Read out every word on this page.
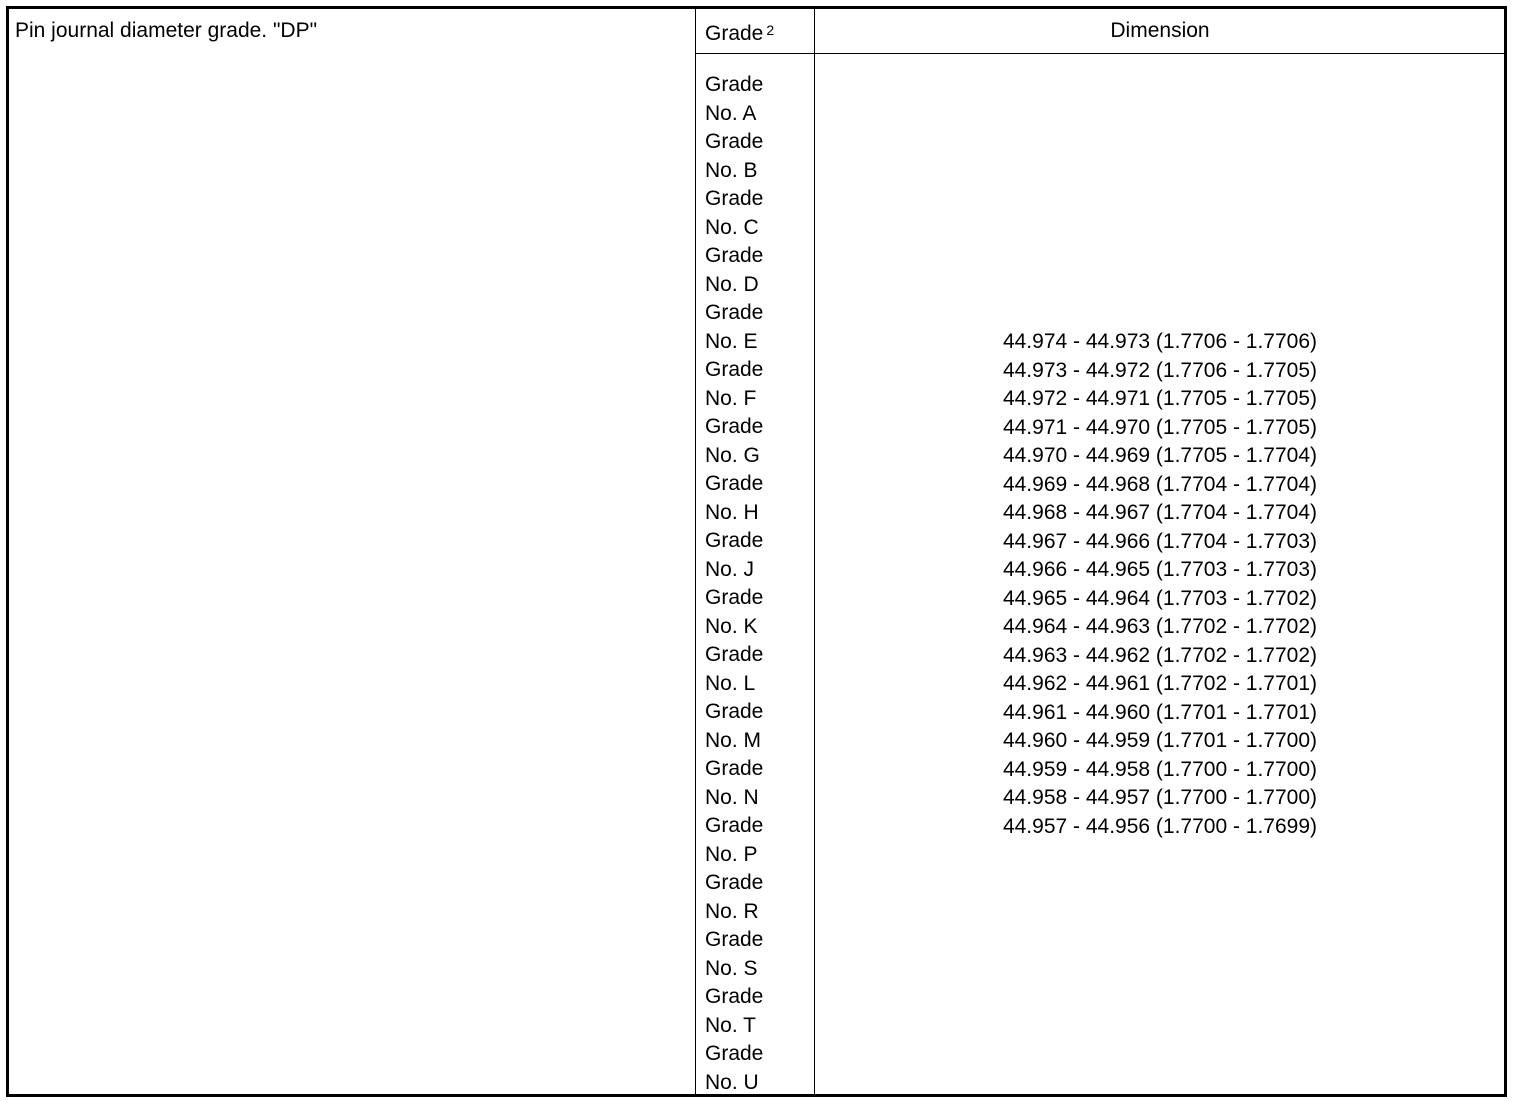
Pin journal diameter grade. "DP"	Grade $^2$	Dimension
Grade
No. A
Grade
No. B
Grade
No. C
Grade
No. D
Grade
No. E
Grade
No. F
Grade
No. G
Grade
No. H
Grade
No. J
Grade
No. K
Grade
No. L
Grade
No. M
Grade
No. N
Grade
No. P
Grade
No. R
Grade
No. S
Grade
No. T
Grade
No. U
44.974 - 44.973 (1.7706 - 1.7706)
44.973 - 44.972 (1.7706 - 1.7705)
44.972 - 44.971 (1.7705 - 1.7705)
44.971 - 44.970 (1.7705 - 1.7705)
44.970 - 44.969 (1.7705 - 1.7704)
44.969 - 44.968 (1.7704 - 1.7704)
44.968 - 44.967 (1.7704 - 1.7704)
44.967 - 44.966 (1.7704 - 1.7703)
44.966 - 44.965 (1.7703 - 1.7703)
44.965 - 44.964 (1.7703 - 1.7702)
44.964 - 44.963 (1.7702 - 1.7702)
44.963 - 44.962 (1.7702 - 1.7702)
44.962 - 44.961 (1.7702 - 1.7701)
44.961 - 44.960 (1.7701 - 1.7701)
44.960 - 44.959 (1.7701 - 1.7700)
44.959 - 44.958 (1.7700 - 1.7700)
44.958 - 44.957 (1.7700 - 1.7700)
44.957 - 44.956 (1.7700 - 1.7699)
